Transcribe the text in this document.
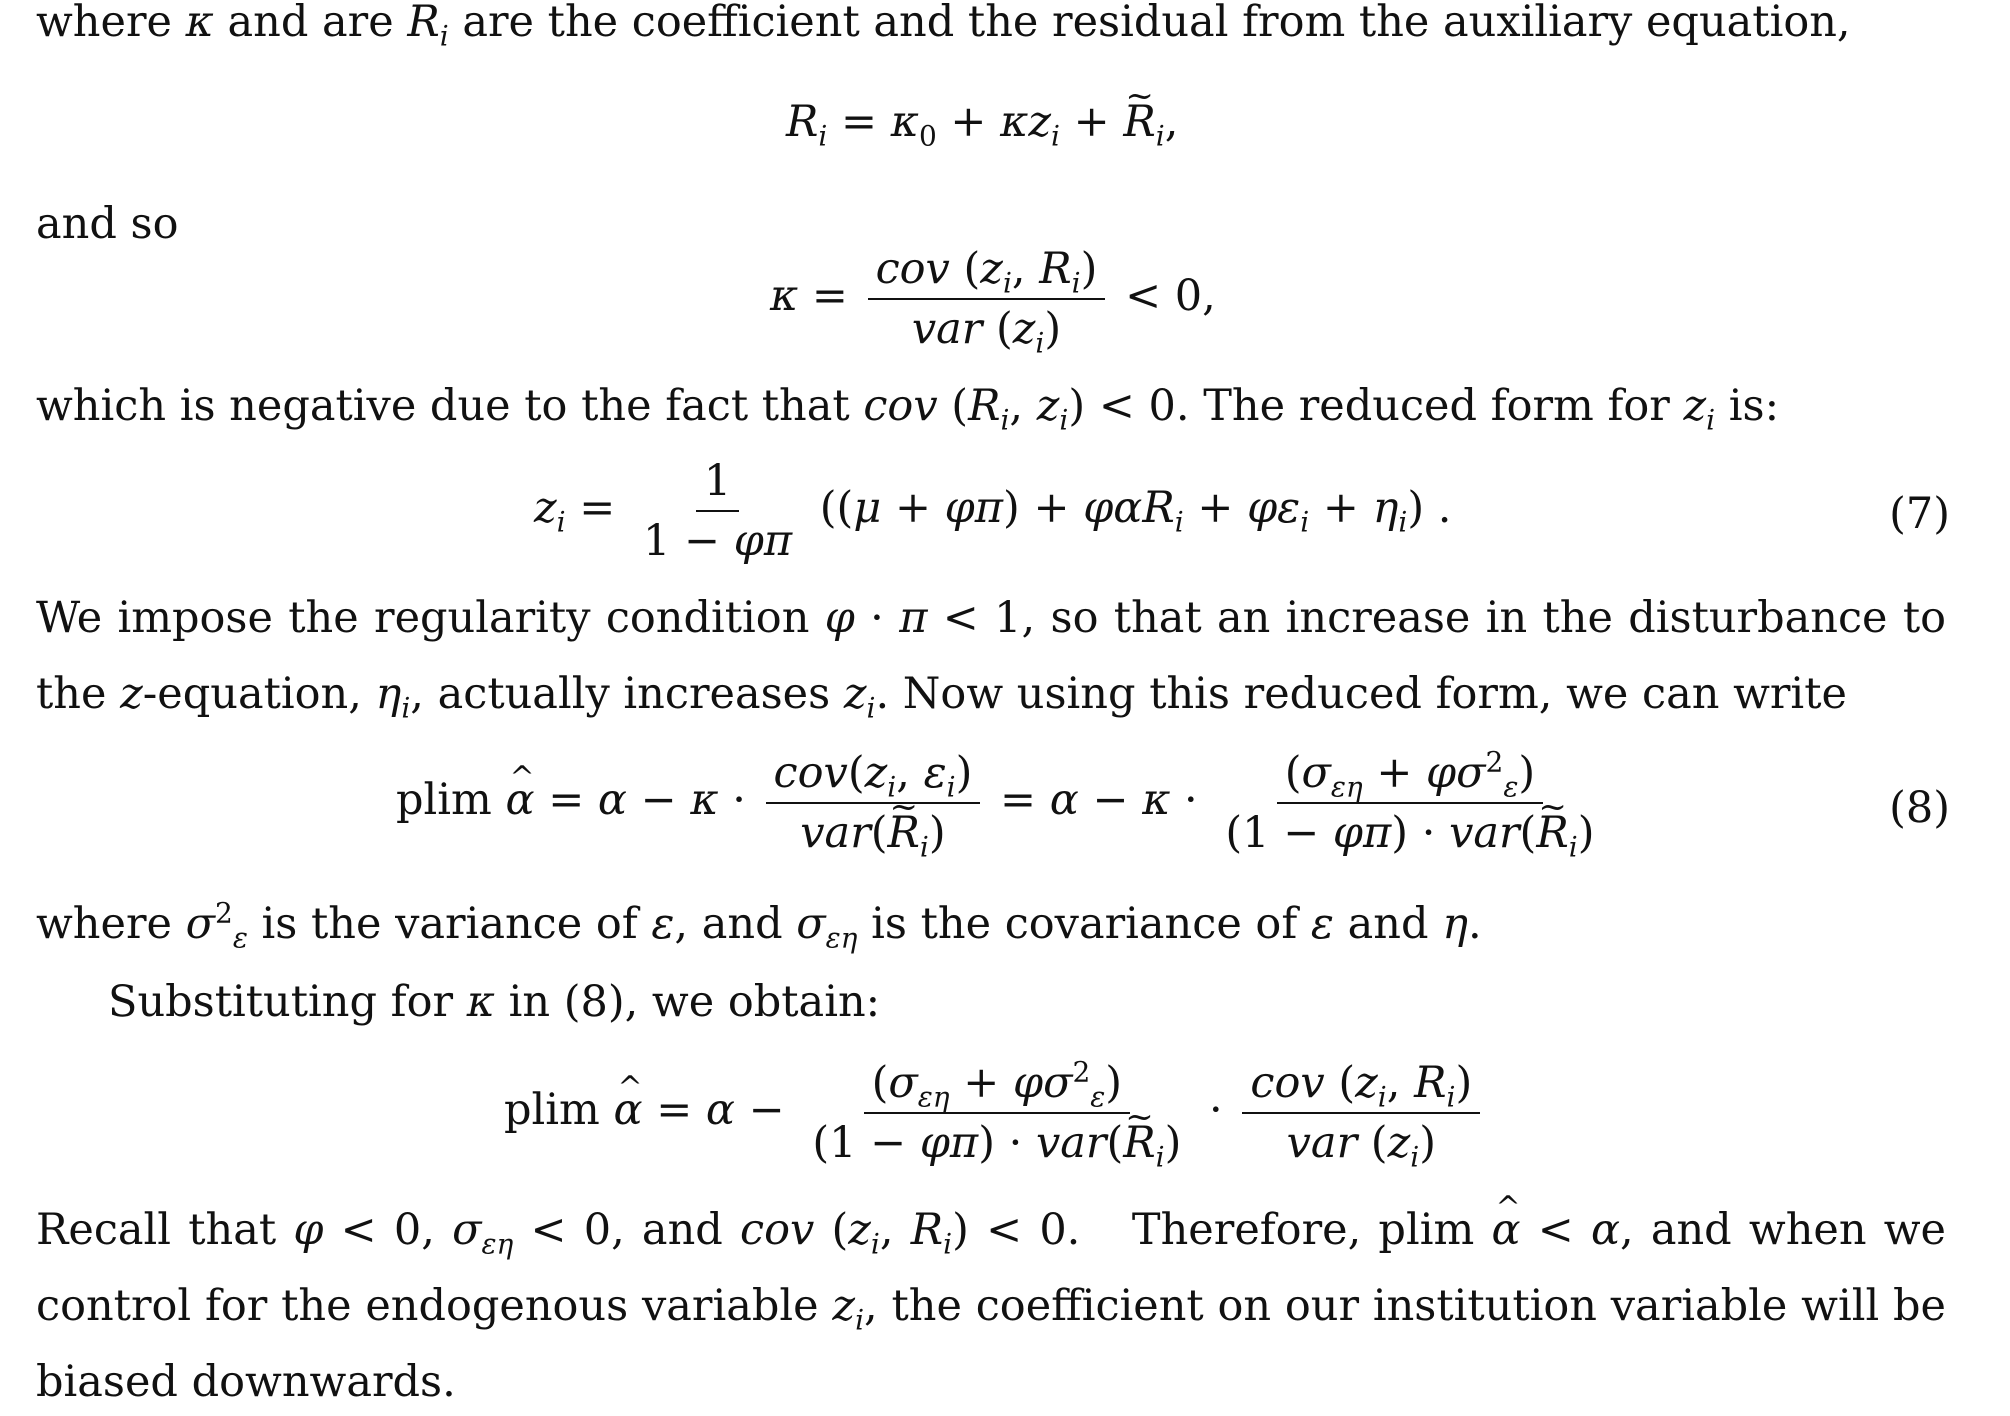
where κ and are $R_i$ are the coefficient and the residual from the auxiliary equation,
$R_i = \kappa_0 + \kappa z_i$ + ~ $R_i$,
and so
$\kappa = \frac{cov (z_i, R_i)}{var (z_i)} < 0$,
which is negative due to the fact that cov ($R_i$, $z_i) < 0$. The reduced form for $z_i$ is:
$z_i = \frac{1}{1 - \varphi\pi} ((\mu + \varphi\pi) + \varphi\alpha R_i + \varphi\varepsilon_i + \eta_i)$ .	(7)
We impose the regularity condition φ · π < 1, so that an increase in the disturbance to
the z-equation, $\eta_i$, actually increases $z_i$. Now using this reduced form, we can write
plim ^ $\alpha = \alpha - \kappa \cdot \frac{cov(z_i, \varepsilon_i)}{var(\sim R_i)} = \alpha - \kappa \cdot \frac{(\sigma_{\varepsilon\eta} + \varphi\sigma^2_\varepsilon)}{(1 - \varphi\pi) \cdot var(\sim R_i)}$	(8)
where $\sigma^2_\varepsilon$ is the variance of ε, and $\sigma_{\varepsilon\eta}$ is the covariance of ε and η.
Substituting for κ in (8), we obtain:
plim ^ $\alpha = \alpha - \frac{(\sigma_{\varepsilon\eta} + \varphi\sigma^2_\varepsilon)}{(1 - \varphi\pi) \cdot var(\sim R_i)} \cdot \frac{cov (z_i, R_i)}{var (z_i)}$
Recall that φ < 0, $\sigma_{\varepsilon\eta} < 0$, and cov ($z_i$, $R_i) < 0$.   Therefore, plim ^ α < α, and when we
control for the endogenous variable $z_i$, the coefficient on our institution variable will be
biased downwards.
